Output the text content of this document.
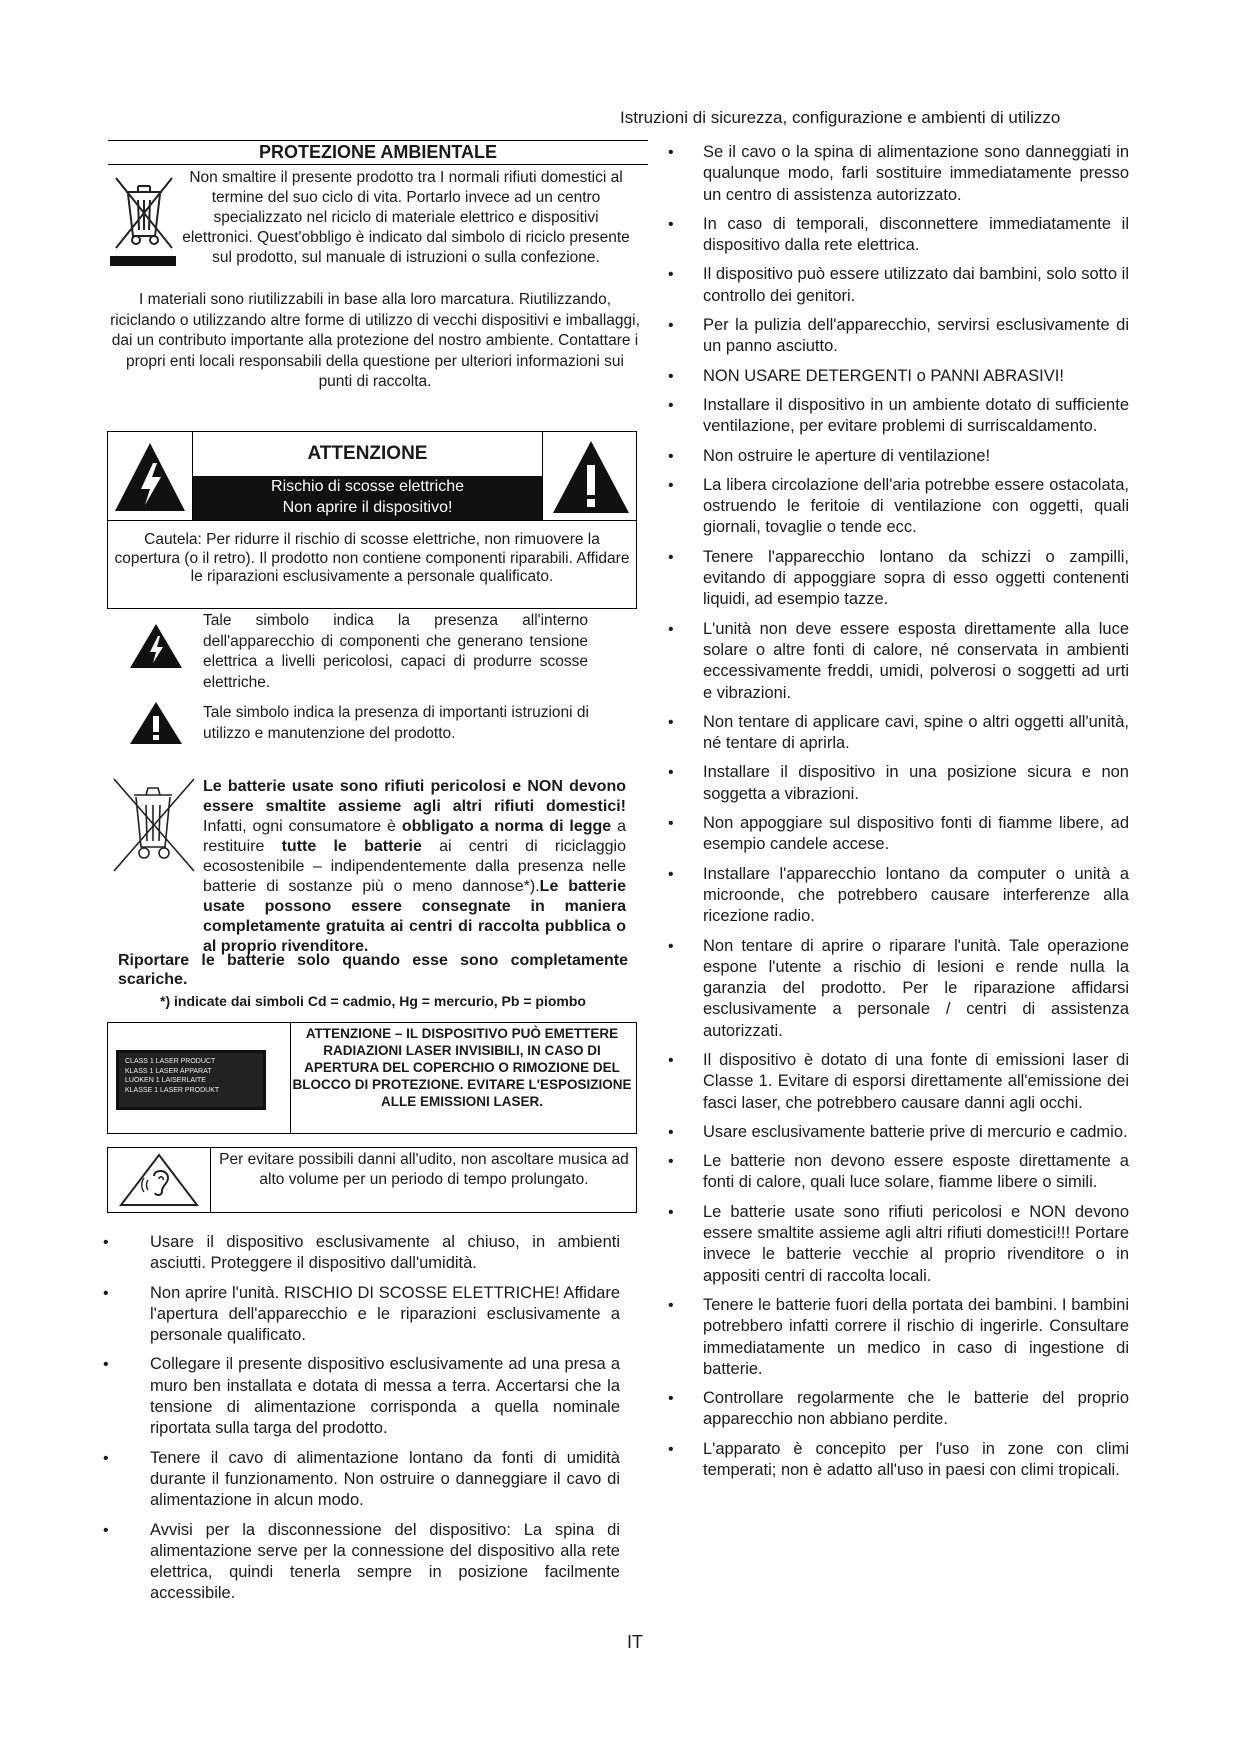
Istruzioni di sicurezza, configurazione e ambienti di utilizzo
PROTEZIONE AMBIENTALE
Non smaltire il presente prodotto tra I normali rifiuti domestici al termine del suo ciclo di vita. Portarlo invece ad un centro specializzato nel riciclo di materiale elettrico e dispositivi elettronici. Quest'obbligo è indicato dal simbolo di riciclo presente sul prodotto, sul manuale di istruzioni o sulla confezione.
I materiali sono riutilizzabili in base alla loro marcatura. Riutilizzando, riciclando o utilizzando altre forme di utilizzo di vecchi dispositivi e imballaggi, dai un contributo importante alla protezione del nostro ambiente. Contattare i propri enti locali responsabili della questione per ulteriori informazioni sui punti di raccolta.
ATTENZIONE
Rischio di scosse elettriche
Non aprire il dispositivo!
Cautela: Per ridurre il rischio di scosse elettriche, non rimuovere la copertura (o il retro). Il prodotto non contiene componenti riparabili. Affidare le riparazioni esclusivamente a personale qualificato.
Tale simbolo indica la presenza all'interno dell'apparecchio di componenti che generano tensione elettrica a livelli pericolosi, capaci di produrre scosse elettriche.
Tale simbolo indica la presenza di importanti istruzioni di utilizzo e manutenzione del prodotto.
Le batterie usate sono rifiuti pericolosi e NON devono essere smaltite assieme agli altri rifiuti domestici! Infatti, ogni consumatore è obbligato a norma di legge a restituire tutte le batterie ai centri di riciclaggio ecosostenibile – indipendentemente dalla presenza nelle batterie di sostanze più o meno dannose*).Le batterie usate possono essere consegnate in maniera completamente gratuita ai centri di raccolta pubblica o al proprio rivenditore.
Riportare le batterie solo quando esse sono completamente scariche.
*) indicate dai simboli Cd = cadmio, Hg = mercurio, Pb = piombo
CLASS 1 LASER PRODUCT
KLASS 1 LASER APPARAT
LUOKEN 1 LAISERLAITE
KLASSE 1 LASER PRODUKT
ATTENZIONE – IL DISPOSITIVO PUÒ EMETTERE RADIAZIONI LASER INVISIBILI, IN CASO DI APERTURA DEL COPERCHIO O RIMOZIONE DEL BLOCCO DI PROTEZIONE. EVITARE L'ESPOSIZIONE ALLE EMISSIONI LASER.
Per evitare possibili danni all'udito, non ascoltare musica ad alto volume per un periodo di tempo prolungato.
• Usare il dispositivo esclusivamente al chiuso, in ambienti asciutti. Proteggere il dispositivo dall'umidità.
• Non aprire l'unità. RISCHIO DI SCOSSE ELETTRICHE! Affidare l'apertura dell'apparecchio e le riparazioni esclusivamente a personale qualificato.
• Collegare il presente dispositivo esclusivamente ad una presa a muro ben installata e dotata di messa a terra. Accertarsi che la tensione di alimentazione corrisponda a quella nominale riportata sulla targa del prodotto.
• Tenere il cavo di alimentazione lontano da fonti di umidità durante il funzionamento. Non ostruire o danneggiare il cavo di alimentazione in alcun modo.
• Avvisi per la disconnessione del dispositivo: La spina di alimentazione serve per la connessione del dispositivo alla rete elettrica, quindi tenerla sempre in posizione facilmente accessibile.
• Se il cavo o la spina di alimentazione sono danneggiati in qualunque modo, farli sostituire immediatamente presso un centro di assistenza autorizzato.
• In caso di temporali, disconnettere immediatamente il dispositivo dalla rete elettrica.
• Il dispositivo può essere utilizzato dai bambini, solo sotto il controllo dei genitori.
• Per la pulizia dell'apparecchio, servirsi esclusivamente di un panno asciutto.
• NON USARE DETERGENTI o PANNI ABRASIVI!
• Installare il dispositivo in un ambiente dotato di sufficiente ventilazione, per evitare problemi di surriscaldamento.
• Non ostruire le aperture di ventilazione!
• La libera circolazione dell'aria potrebbe essere ostacolata, ostruendo le feritoie di ventilazione con oggetti, quali giornali, tovaglie o tende ecc.
• Tenere l'apparecchio lontano da schizzi o zampilli, evitando di appoggiare sopra di esso oggetti contenenti liquidi, ad esempio tazze.
• L'unità non deve essere esposta direttamente alla luce solare o altre fonti di calore, né conservata in ambienti eccessivamente freddi, umidi, polverosi o soggetti ad urti e vibrazioni.
• Non tentare di applicare cavi, spine o altri oggetti all'unità, né tentare di aprirla.
• Installare il dispositivo in una posizione sicura e non soggetta a vibrazioni.
• Non appoggiare sul dispositivo fonti di fiamme libere, ad esempio candele accese.
• Installare l'apparecchio lontano da computer o unità a microonde, che potrebbero causare interferenze alla ricezione radio.
• Non tentare di aprire o riparare l'unità. Tale operazione espone l'utente a rischio di lesioni e rende nulla la garanzia del prodotto. Per le riparazione affidarsi esclusivamente a personale / centri di assistenza autorizzati.
• Il dispositivo è dotato di una fonte di emissioni laser di Classe 1. Evitare di esporsi direttamente all'emissione dei fasci laser, che potrebbero causare danni agli occhi.
• Usare esclusivamente batterie prive di mercurio e cadmio.
• Le batterie non devono essere esposte direttamente a fonti di calore, quali luce solare, fiamme libere o simili.
• Le batterie usate sono rifiuti pericolosi e NON devono essere smaltite assieme agli altri rifiuti domestici!!! Portare invece le batterie vecchie al proprio rivenditore o in appositi centri di raccolta locali.
• Tenere le batterie fuori della portata dei bambini. I bambini potrebbero infatti correre il rischio di ingerirle. Consultare immediatamente un medico in caso di ingestione di batterie.
• Controllare regolarmente che le batterie del proprio apparecchio non abbiano perdite.
• L'apparato è concepito per l'uso in zone con climi temperati; non è adatto all'uso in paesi con climi tropicali.
IT
